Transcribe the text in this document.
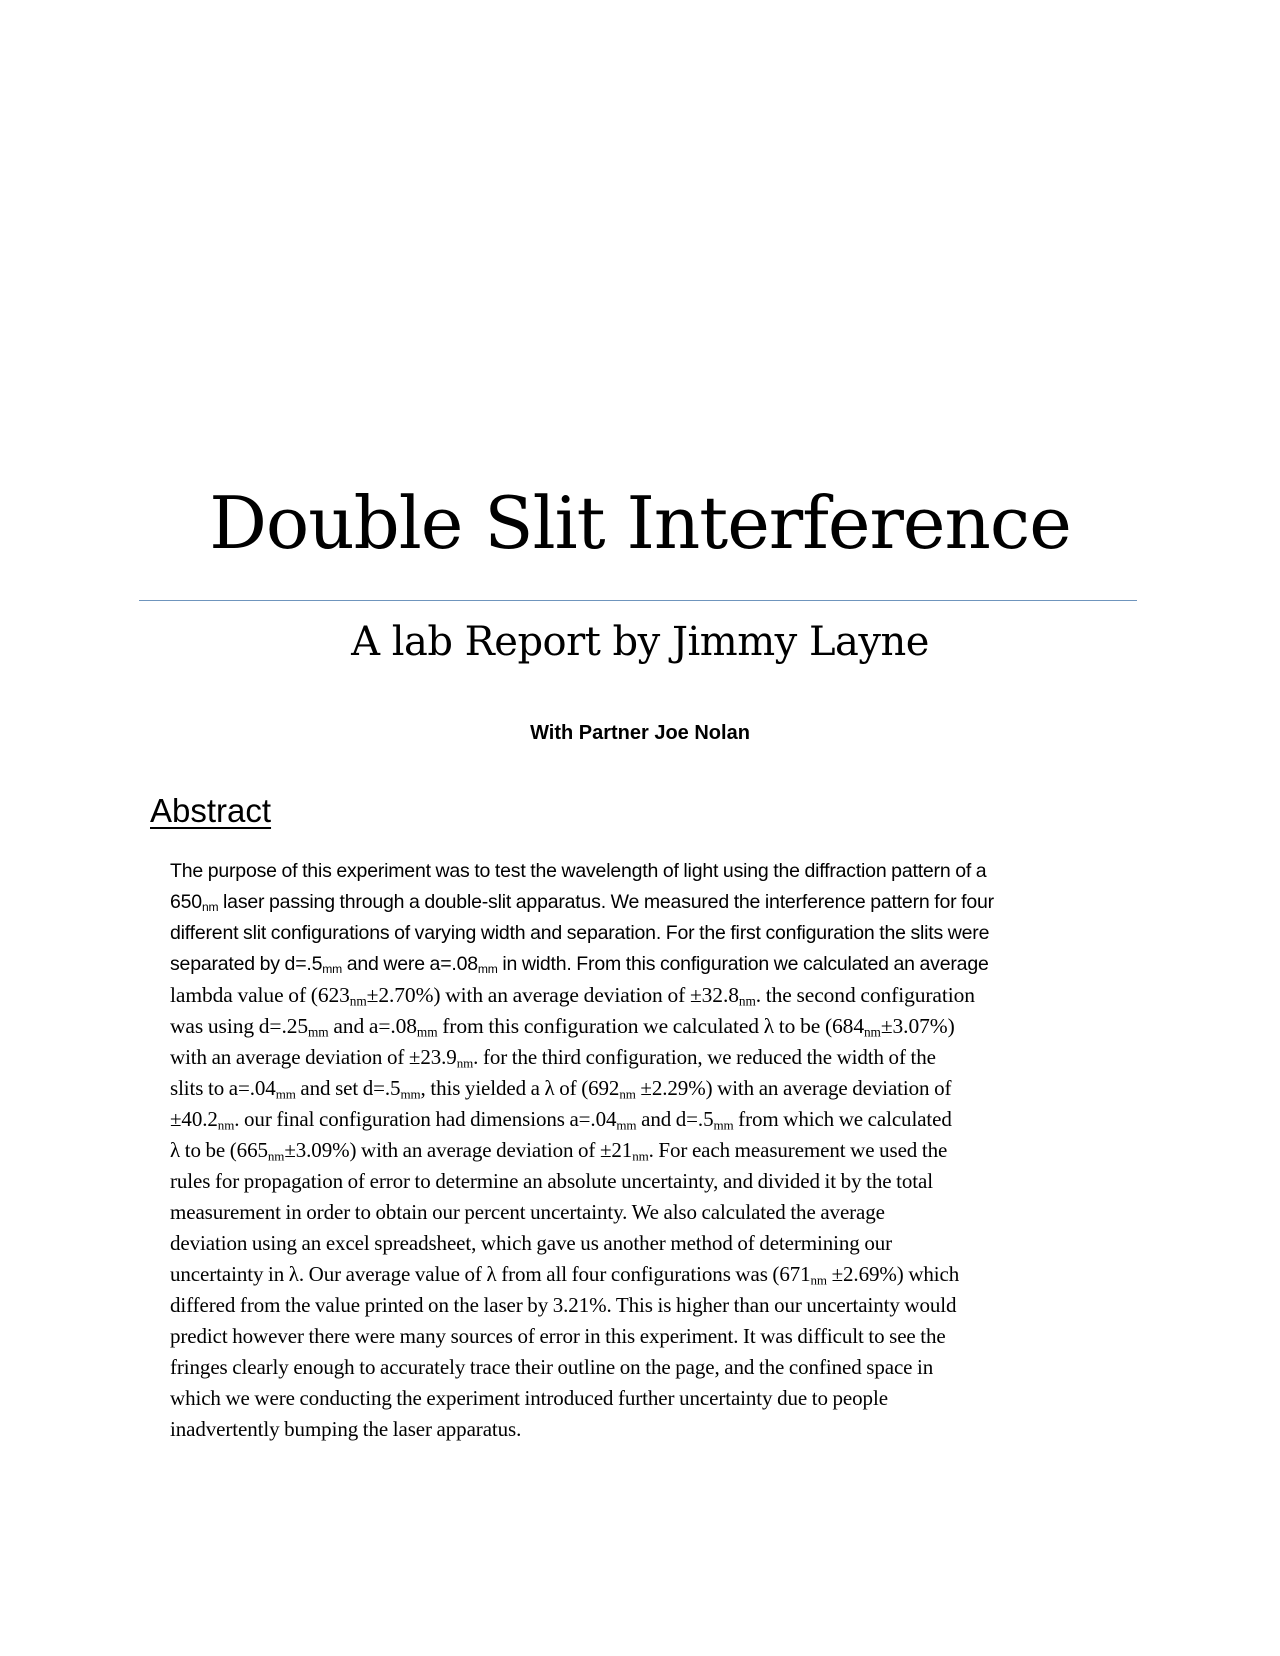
Double Slit Interference
A lab Report by Jimmy Layne

With Partner Joe Nolan

Abstract
The purpose of this experiment was to test the wavelength of light using the diffraction pattern of a
650nm laser passing through a double-slit apparatus. We measured the interference pattern for four
different slit configurations of varying width and separation. For the first configuration the slits were
separated by d=.5mm and were a=.08mm in width. From this configuration we calculated an average
lambda value of (623nm±2.70%) with an average deviation of ±32.8nm. the second configuration
was using d=.25mm and a=.08mm from this configuration we calculated λ to be (684nm±3.07%)
with an average deviation of ±23.9nm. for the third configuration, we reduced the width of the
slits to a=.04mm and set d=.5mm, this yielded a λ of (692nm ±2.29%) with an average deviation of
±40.2nm. our final configuration had dimensions a=.04mm and d=.5mm from which we calculated
λ to be (665nm±3.09%) with an average deviation of ±21nm. For each measurement we used the
rules for propagation of error to determine an absolute uncertainty, and divided it by the total
measurement in order to obtain our percent uncertainty. We also calculated the average
deviation using an excel spreadsheet, which gave us another method of determining our
uncertainty in λ. Our average value of λ from all four configurations was (671nm ±2.69%) which
differed from the value printed on the laser by 3.21%. This is higher than our uncertainty would
predict however there were many sources of error in this experiment. It was difficult to see the
fringes clearly enough to accurately trace their outline on the page, and the confined space in
which we were conducting the experiment introduced further uncertainty due to people
inadvertently bumping the laser apparatus.
